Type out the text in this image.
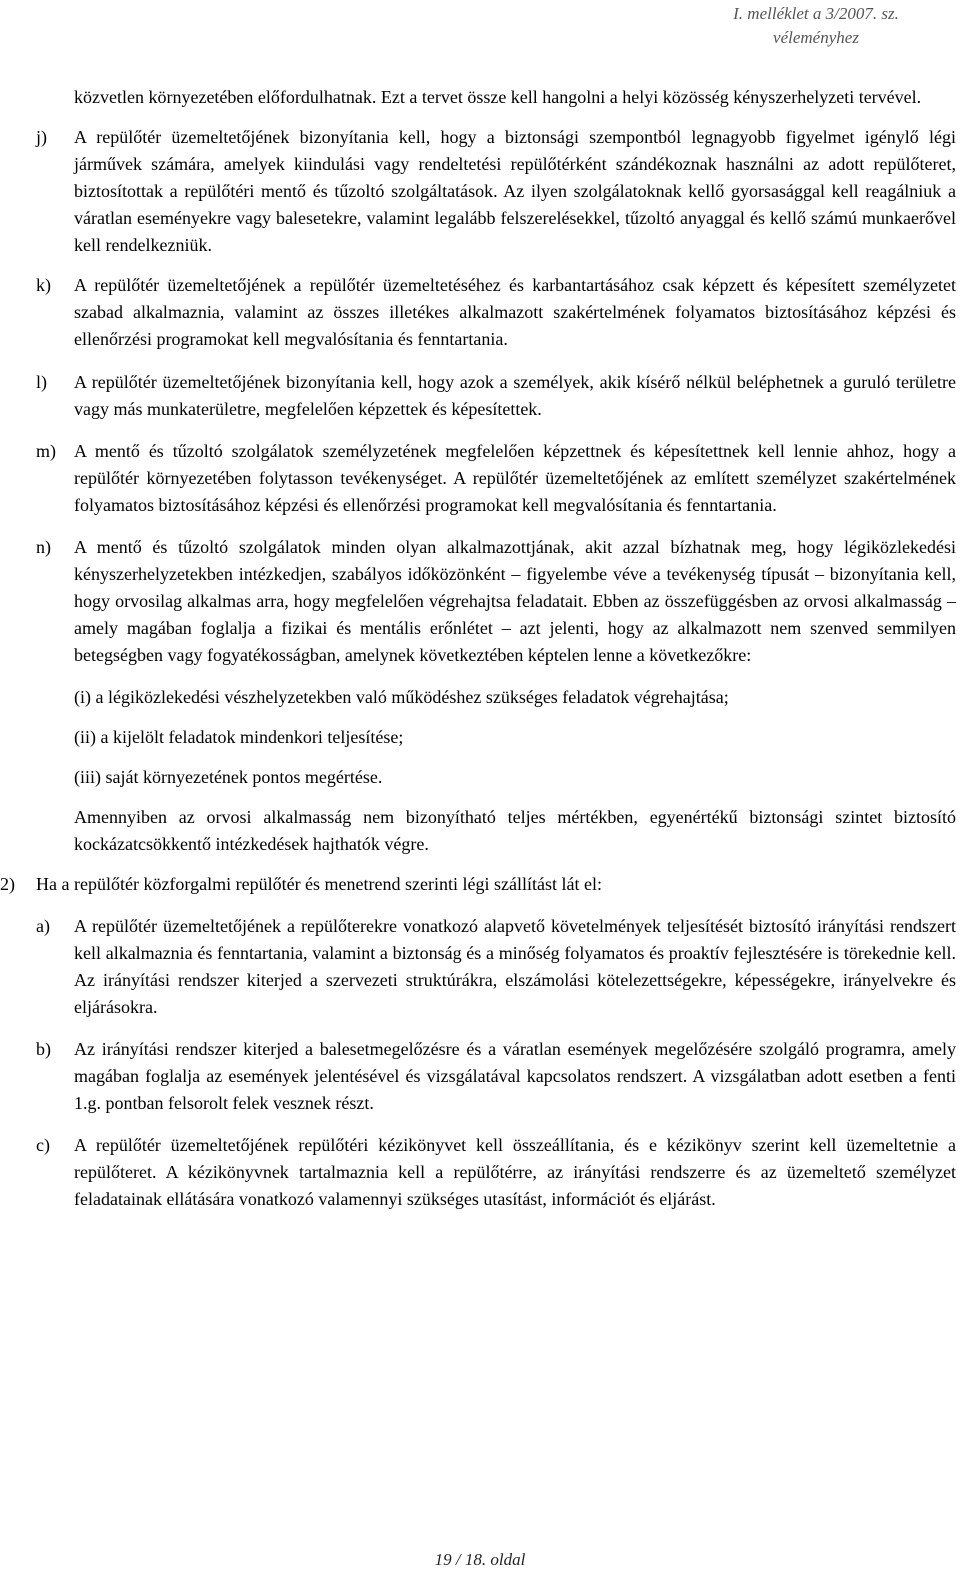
I. melléklet a 3/2007. sz.
véleményhez

közvetlen környezetében előfordulhatnak. Ezt a tervet össze kell hangolni a helyi közösség kényszerhelyzeti tervével.

j) A repülőtér üzemeltetőjének bizonyítania kell, hogy a biztonsági szempontból legnagyobb figyelmet igénylő légi járművek számára, amelyek kiindulási vagy rendeltetési repülőtérként szándékoznak használni az adott repülőteret, biztosítottak a repülőtéri mentő és tűzoltó szolgáltatások. Az ilyen szolgálatoknak kellő gyorsasággal kell reagálniuk a váratlan eseményekre vagy balesetekre, valamint legalább felszerelésekkel, tűzoltó anyaggal és kellő számú munkaerővel kell rendelkezniük.
k) A repülőtér üzemeltetőjének a repülőtér üzemeltetéséhez és karbantartásához csak képzett és képesített személyzetet szabad alkalmaznia, valamint az összes illetékes alkalmazott szakértelmének folyamatos biztosításához képzési és ellenőrzési programokat kell megvalósítania és fenntartania.
l) A repülőtér üzemeltetőjének bizonyítania kell, hogy azok a személyek, akik kísérő nélkül beléphetnek a guruló területre vagy más munkaterületre, megfelelően képzettek és képesítettek.
m) A mentő és tűzoltó szolgálatok személyzetének megfelelően képzettnek és képesítettnek kell lennie ahhoz, hogy a repülőtér környezetében folytasson tevékenységet. A repülőtér üzemeltetőjének az említett személyzet szakértelmének folyamatos biztosításához képzési és ellenőrzési programokat kell megvalósítania és fenntartania.
n) A mentő és tűzoltó szolgálatok minden olyan alkalmazottjának, akit azzal bízhatnak meg, hogy légiközlekedési kényszerhelyzetekben intézkedjen, szabályos időközönként – figyelembe véve a tevékenység típusát – bizonyítania kell, hogy orvosilag alkalmas arra, hogy megfelelően végrehajtsa feladatait. Ebben az összefüggésben az orvosi alkalmasság – amely magában foglalja a fizikai és mentális erőnlétet – azt jelenti, hogy az alkalmazott nem szenved semmilyen betegségben vagy fogyatékosságban, amelynek következtében képtelen lenne a következőkre:

(i) a légiközlekedési vészhelyzetekben való működéshez szükséges feladatok végrehajtása;

(ii) a kijelölt feladatok mindenkori teljesítése;

(iii) saját környezetének pontos megértése.

Amennyiben az orvosi alkalmasság nem bizonyítható teljes mértékben, egyenértékű biztonsági szintet biztosító kockázatcsökkentő intézkedések hajthatók végre.

2) Ha a repülőtér közforgalmi repülőtér és menetrend szerinti légi szállítást lát el:
a) A repülőtér üzemeltetőjének a repülőterekre vonatkozó alapvető követelmények teljesítését biztosító irányítási rendszert kell alkalmaznia és fenntartania, valamint a biztonság és a minőség folyamatos és proaktív fejlesztésére is törekednie kell. Az irányítási rendszer kiterjed a szervezeti struktúrákra, elszámolási kötelezettségekre, képességekre, irányelvekre és eljárásokra.
b) Az irányítási rendszer kiterjed a balesetmegelőzésre és a váratlan események megelőzésére szolgáló programra, amely magában foglalja az események jelentésével és vizsgálatával kapcsolatos rendszert. A vizsgálatban adott esetben a fenti 1.g. pontban felsorolt felek vesznek részt.
c) A repülőtér üzemeltetőjének repülőtéri kézikönyvet kell összeállítania, és e kézikönyv szerint kell üzemeltetnie a repülőteret. A kézikönyvnek tartalmaznia kell a repülőtérre, az irányítási rendszerre és az üzemeltető személyzet feladatainak ellátására vonatkozó valamennyi szükséges utasítást, információt és eljárást.
19 / 18. oldal
